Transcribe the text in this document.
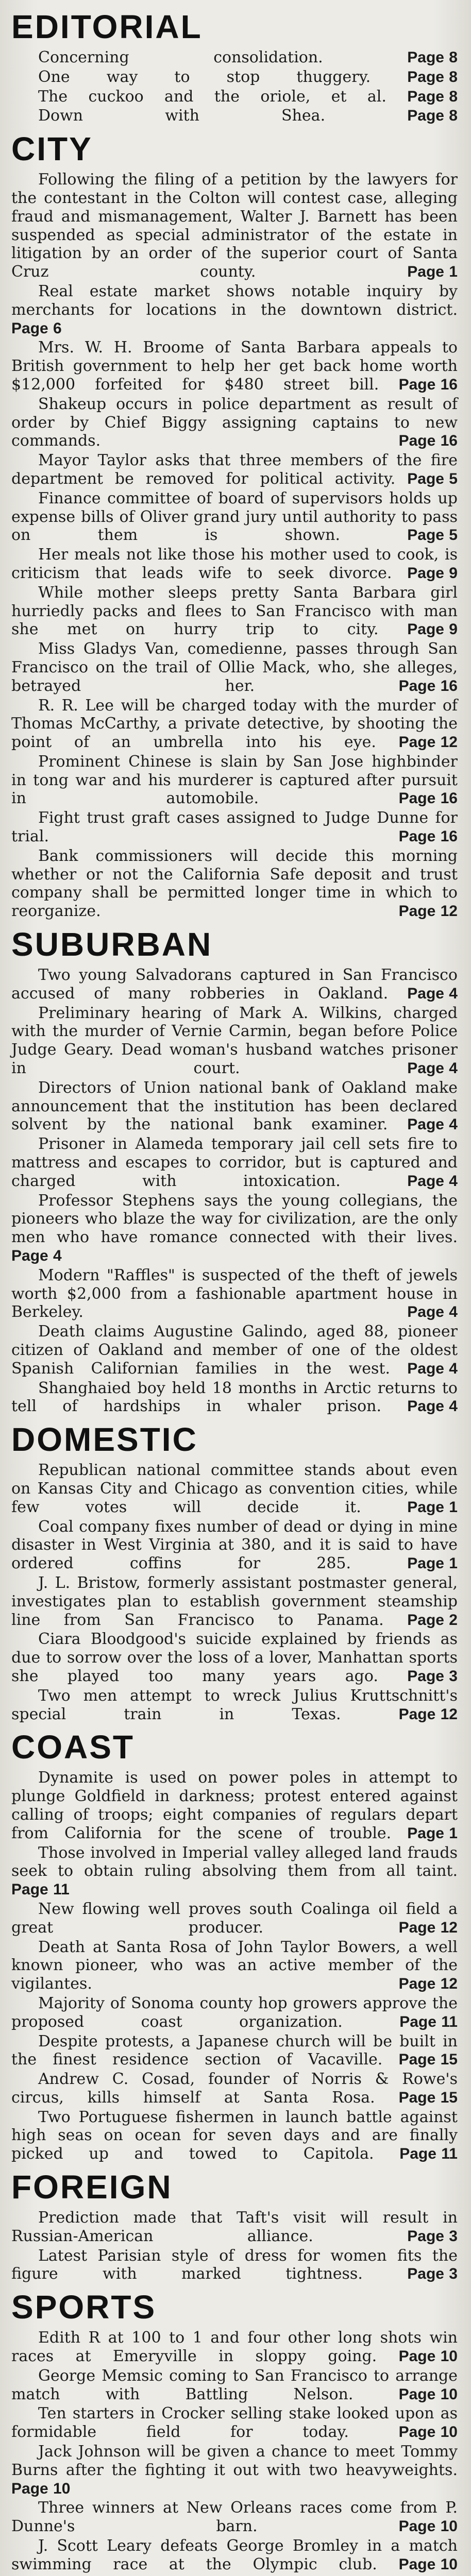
EDITORIAL
Concerning consolidation.	Page 8
One way to stop thuggery. Page 8
The cuckoo and the oriole, et al. Page 8
Down with Shea.	Page 8
CITY
Following the filing of a petition by the lawyers for the contestant in the Colton will contest case, alleging fraud and mismanagement, Walter J. Barnett has been suspended as special administrator of the estate in litigation by an order of the superior court of Santa Cruz county.	Page 1
Real estate market shows notable inquiry by merchants for locations in the downtown district. Page 6
Mrs. W. H. Broome of Santa Barbara appeals to British government to help her get back home worth $12,000 forfeited for $480 street bill. Page 16
Shakeup occurs in police department as result of order by Chief Biggy assigning captains to new commands.	Page 16
Mayor Taylor asks that three members of the fire department be removed for political activity. Page 5
Finance committee of board of supervisors holds up expense bills of Oliver grand jury until authority to pass on them is shown.	Page 5
Her meals not like those his mother used to cook, is criticism that leads wife to seek divorce. Page 9
While mother sleeps pretty Santa Barbara girl hurriedly packs and flees to San Francisco with man she met on hurry trip to city. Page 9
Miss Gladys Van, comedienne, passes through San Francisco on the trail of Ollie Mack, who, she alleges, betrayed her.	Page 16
R. R. Lee will be charged today with the murder of Thomas McCarthy, a private detective, by shooting the point of an umbrella into his eye. Page 12
Prominent Chinese is slain by San Jose highbinder in tong war and his murderer is captured after pursuit in automobile.	Page 16
Fight trust graft cases assigned to Judge Dunne for trial.	Page 16
Bank commissioners will decide this morning whether or not the California Safe deposit and trust company shall be permitted longer time in which to reorganize.	Page 12
SUBURBAN
Two young Salvadorans captured in San Francisco accused of many robberies in Oakland. Page 4
Preliminary hearing of Mark A. Wilkins, charged with the murder of Vernie Carmin, began before Police Judge Geary. Dead woman's husband watches prisoner in court.	Page 4
Directors of Union national bank of Oakland make announcement that the institution has been declared solvent by the national bank examiner. Page 4
Prisoner in Alameda temporary jail cell sets fire to mattress and escapes to corridor, but is captured and charged with intoxication.	Page 4
Professor Stephens says the young collegians, the pioneers who blaze the way for civilization, are the only men who have romance connected with their lives. Page 4
Modern "Raffles" is suspected of the theft of jewels worth $2,000 from a fashionable apartment house in Berkeley.	Page 4
Death claims Augustine Galindo, aged 88, pioneer citizen of Oakland and member of one of the oldest Spanish Californian families in the west. Page 4
Shanghaied boy held 18 months in Arctic returns to tell of hardships in whaler prison. Page 4
DOMESTIC
Republican national committee stands about even on Kansas City and Chicago as convention cities, while few votes will decide it.	Page 1
Coal company fixes number of dead or dying in mine disaster in West Virginia at 380, and it is said to have ordered coffins for 285.	Page 1
J. L. Bristow, formerly assistant postmaster general, investigates plan to establish government steamship line from San Francisco to Panama. Page 2
Ciara Bloodgood's suicide explained by friends as due to sorrow over the loss of a lover, Manhattan sports she played too many years ago. Page 3
Two men attempt to wreck Julius Kruttschnitt's special train in Texas.	Page 12
COAST
Dynamite is used on power poles in attempt to plunge Goldfield in darkness; protest entered against calling of troops; eight companies of regulars depart from California for the scene of trouble. Page 1
Those involved in Imperial valley alleged land frauds seek to obtain ruling absolving them from all taint. Page 11
New flowing well proves south Coalinga oil field a great producer.	Page 12
Death at Santa Rosa of John Taylor Bowers, a well known pioneer, who was an active member of the vigilantes.	Page 12
Majority of Sonoma county hop growers approve the proposed coast organization.	Page 11
Despite protests, a Japanese church will be built in the finest residence section of Vacaville. Page 15
Andrew C. Cosad, founder of Norris & Rowe's circus, kills himself at Santa Rosa. Page 15
Two Portuguese fishermen in launch battle against high seas on ocean for seven days and are finally picked up and towed to Capitola. Page 11
FOREIGN
Prediction made that Taft's visit will result in Russian-American alliance.	Page 3
Latest Parisian style of dress for women fits the figure with marked tightness.	Page 3
SPORTS
Edith R at 100 to 1 and four other long shots win races at Emeryville in sloppy going. Page 10
George Memsic coming to San Francisco to arrange match with Battling Nelson.	Page 10
Ten starters in Crocker selling stake looked upon as formidable field for today.	Page 10
Jack Johnson will be given a chance to meet Tommy Burns after the fighting it out with two heavyweights. Page 10
Three winners at New Orleans races come from P. Dunne's barn.	Page 10
J. Scott Leary defeats George Bromley in a match swimming race at the Olympic club. Page 10
